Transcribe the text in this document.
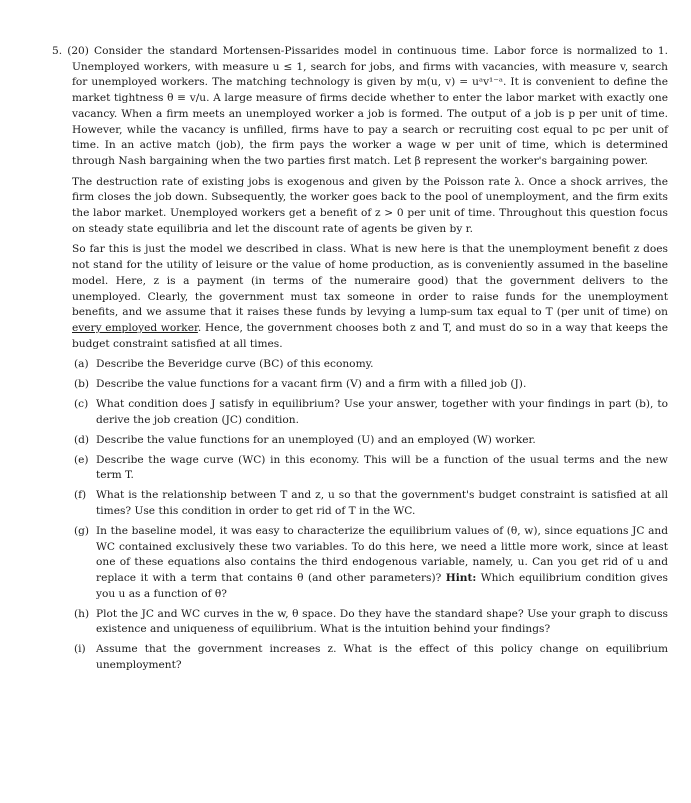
5. (20) Consider the standard Mortensen-Pissarides model in continuous time. Labor force is normalized to 1. Unemployed workers, with measure u ≤ 1, search for jobs, and firms with vacancies, with measure v, search for unemployed workers. The matching technology is given by m(u, v) = uᵃv¹⁻ᵃ. It is convenient to define the market tightness θ ≡ v/u. A large measure of firms decide whether to enter the labor market with exactly one vacancy. When a firm meets an unemployed worker a job is formed. The output of a job is p per unit of time. However, while the vacancy is unfilled, firms have to pay a search or recruiting cost equal to pc per unit of time. In an active match (job), the firm pays the worker a wage w per unit of time, which is determined through Nash bargaining when the two parties first match. Let β represent the worker's bargaining power.

The destruction rate of existing jobs is exogenous and given by the Poisson rate λ. Once a shock arrives, the firm closes the job down. Subsequently, the worker goes back to the pool of unemployment, and the firm exits the labor market. Unemployed workers get a benefit of z > 0 per unit of time. Throughout this question focus on steady state equilibria and let the discount rate of agents be given by r.

So far this is just the model we described in class. What is new here is that the unemployment benefit z does not stand for the utility of leisure or the value of home production, as is conveniently assumed in the baseline model. Here, z is a payment (in terms of the numeraire good) that the government delivers to the unemployed. Clearly, the government must tax someone in order to raise funds for the unemployment benefits, and we assume that it raises these funds by levying a lump-sum tax equal to T (per unit of time) on every employed worker. Hence, the government chooses both z and T, and must do so in a way that keeps the budget constraint satisfied at all times.

(a) Describe the Beveridge curve (BC) of this economy.
(b) Describe the value functions for a vacant firm (V) and a firm with a filled job (J).
(c) What condition does J satisfy in equilibrium? Use your answer, together with your findings in part (b), to derive the job creation (JC) condition.
(d) Describe the value functions for an unemployed (U) and an employed (W) worker.
(e) Describe the wage curve (WC) in this economy. This will be a function of the usual terms and the new term T.
(f) What is the relationship between T and z, u so that the government's budget constraint is satisfied at all times? Use this condition in order to get rid of T in the WC.
(g) In the baseline model, it was easy to characterize the equilibrium values of (θ, w), since equations JC and WC contained exclusively these two variables. To do this here, we need a little more work, since at least one of these equations also contains the third endogenous variable, namely, u. Can you get rid of u and replace it with a term that contains θ (and other parameters)? Hint: Which equilibrium condition gives you u as a function of θ?
(h) Plot the JC and WC curves in the w, θ space. Do they have the standard shape? Use your graph to discuss existence and uniqueness of equilibrium. What is the intuition behind your findings?
(i) Assume that the government increases z. What is the effect of this policy change on equilibrium unemployment?
